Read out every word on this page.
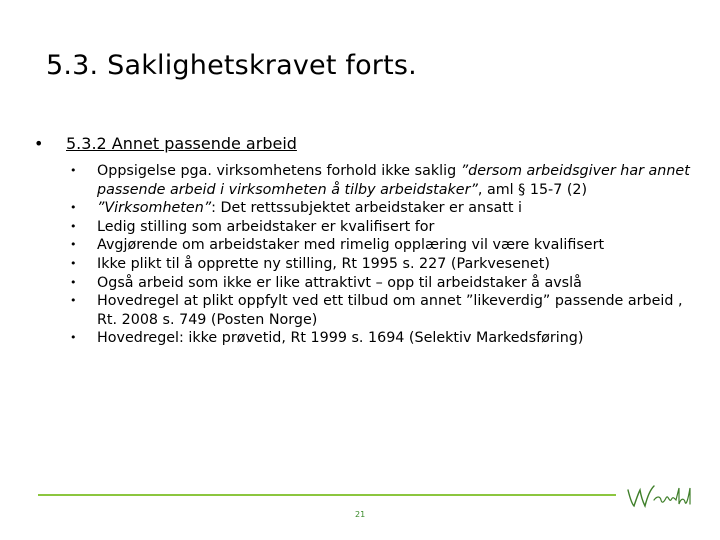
5.3. Saklighetskravet forts.
•	5.3.2 Annet passende arbeid
•	Oppsigelse pga. virksomhetens forhold ikke saklig ”dersom arbeidsgiver har annet passende arbeid i virksomheten å tilby arbeidstaker”, aml § 15-7 (2)
•	”Virksomheten”: Det rettssubjektet arbeidstaker er ansatt i
•	Ledig stilling som arbeidstaker er kvalifisert for
•	Avgjørende om arbeidstaker med rimelig opplæring vil være kvalifisert
•	Ikke plikt til å opprette ny stilling, Rt 1995 s. 227 (Parkvesenet)
•	Også arbeid som ikke er like attraktivt – opp til arbeidstaker å avslå
•	Hovedregel at plikt oppfylt ved ett tilbud om annet ”likeverdig” passende arbeid , Rt. 2008 s. 749 (Posten Norge)
•	Hovedregel: ikke prøvetid, Rt 1999 s. 1694 (Selektiv Markedsføring)
21
